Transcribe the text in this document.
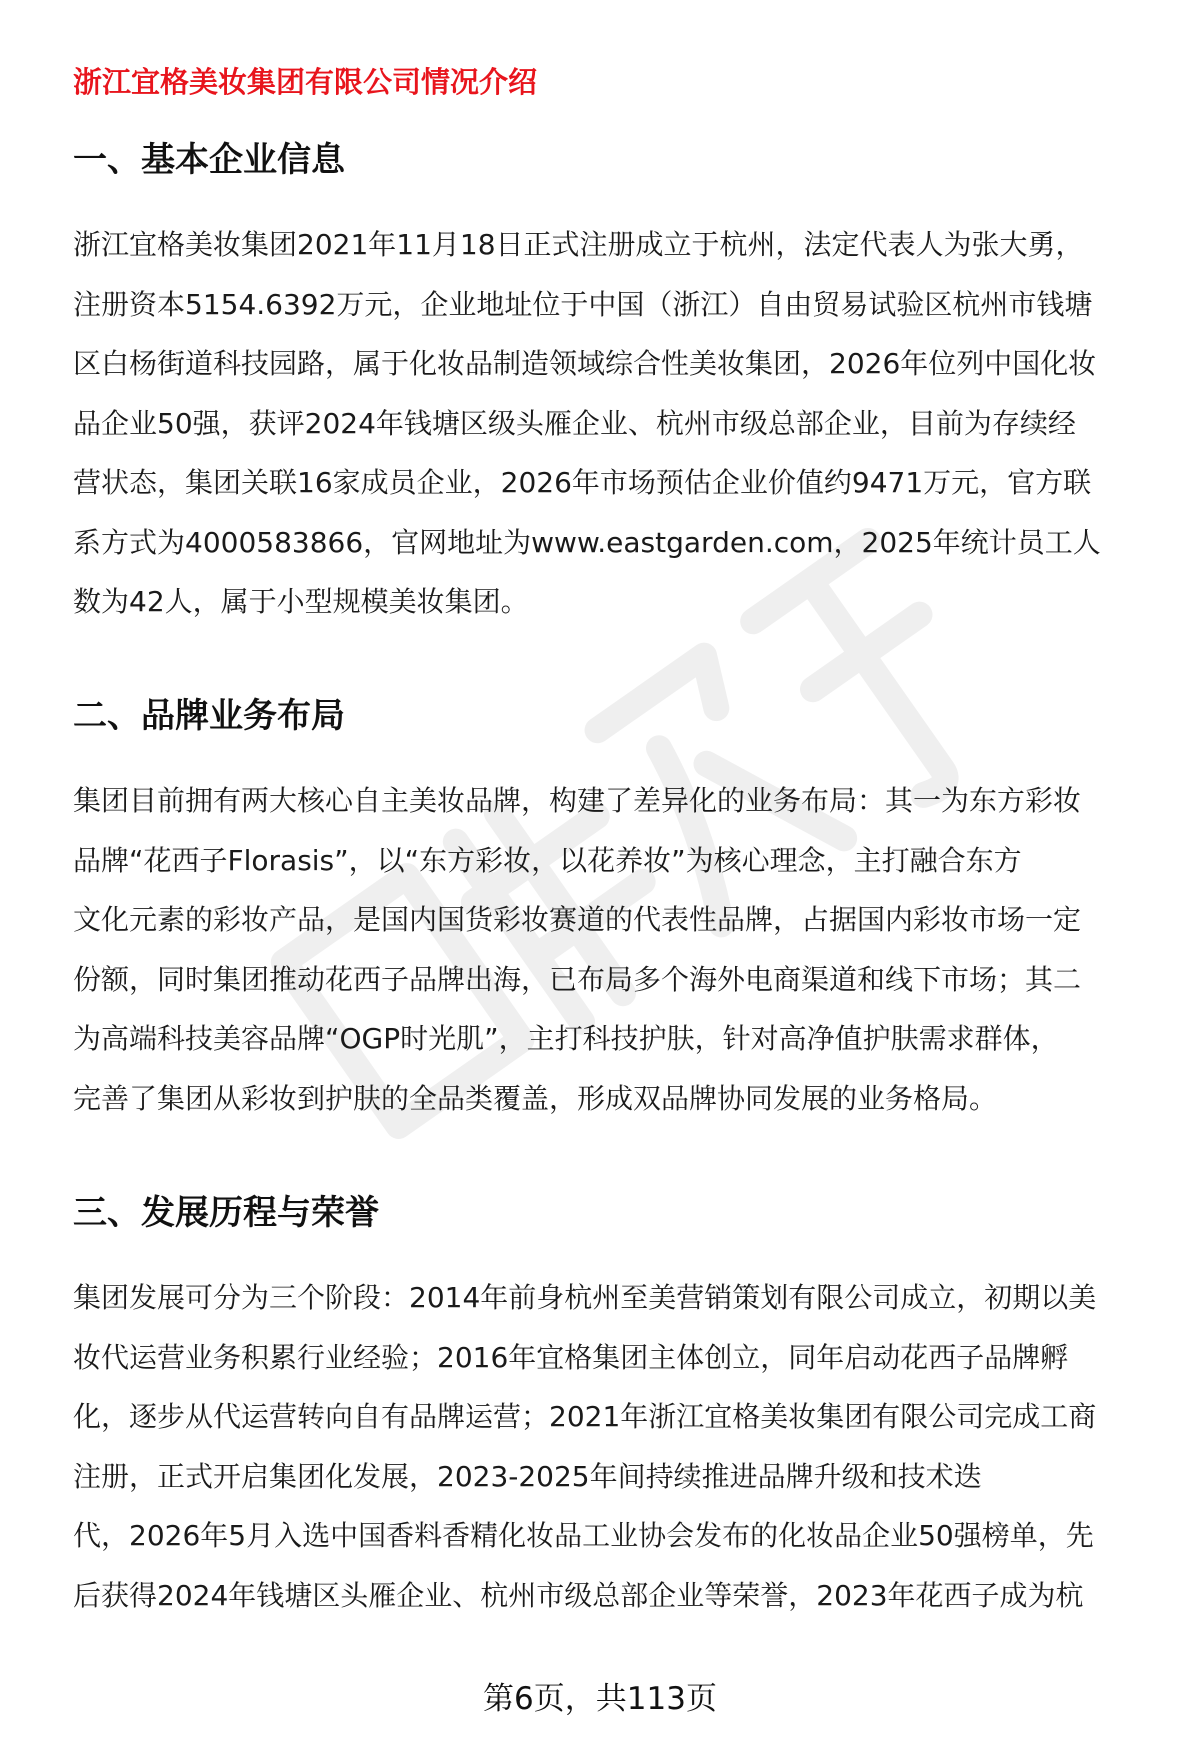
浙江宜格美妆集团有限公司情况介绍
一、基本企业信息
浙江宜格美妆集团2021年11月18日正式注册成立于杭州，法定代表人为张大勇，
注册资本5154.6392万元，企业地址位于中国（浙江）自由贸易试验区杭州市钱塘
区白杨街道科技园路，属于化妆品制造领域综合性美妆集团，2026年位列中国化妆
品企业50强，获评2024年钱塘区级头雁企业、杭州市级总部企业，目前为存续经
营状态，集团关联16家成员企业，2026年市场预估企业价值约9471万元，官方联
系方式为4000583866，官网地址为www.eastgarden.com，2025年统计员工人
数为42人，属于小型规模美妆集团。
二、品牌业务布局
集团目前拥有两大核心自主美妆品牌，构建了差异化的业务布局：其一为东方彩妆
品牌“花西子Florasis”，以“东方彩妆，以花养妆”为核心理念，主打融合东方
文化元素的彩妆产品，是国内国货彩妆赛道的代表性品牌，占据国内彩妆市场一定
份额，同时集团推动花西子品牌出海，已布局多个海外电商渠道和线下市场；其二
为高端科技美容品牌“OGP时光肌”，主打科技护肤，针对高净值护肤需求群体，
完善了集团从彩妆到护肤的全品类覆盖，形成双品牌协同发展的业务格局。
三、发展历程与荣誉
集团发展可分为三个阶段：2014年前身杭州至美营销策划有限公司成立，初期以美
妆代运营业务积累行业经验；2016年宜格集团主体创立，同年启动花西子品牌孵
化，逐步从代运营转向自有品牌运营；2021年浙江宜格美妆集团有限公司完成工商
注册，正式开启集团化发展，2023-2025年间持续推进品牌升级和技术迭
代，2026年5月入选中国香料香精化妆品工业协会发布的化妆品企业50强榜单，先
后获得2024年钱塘区头雁企业、杭州市级总部企业等荣誉，2023年花西子成为杭
第6页，共113页
